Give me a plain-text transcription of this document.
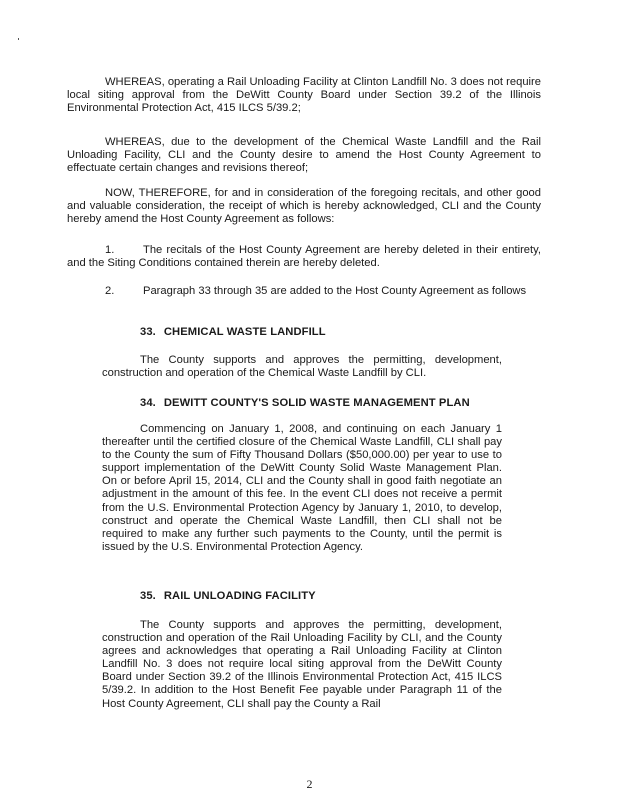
WHEREAS, operating a Rail Unloading Facility at Clinton Landfill No. 3 does not require local siting approval from the DeWitt County Board under Section 39.2 of the Illinois Environmental Protection Act, 415 ILCS 5/39.2;

WHEREAS, due to the development of the Chemical Waste Landfill and the Rail Unloading Facility, CLI and the County desire to amend the Host County Agreement to effectuate certain changes and revisions thereof;

NOW, THEREFORE, for and in consideration of the foregoing recitals, and other good and valuable consideration, the receipt of which is hereby acknowledged, CLI and the County hereby amend the Host County Agreement as follows:

1.	The recitals of the Host County Agreement are hereby deleted in their entirety, and the Siting Conditions contained therein are hereby deleted.

2.	Paragraph 33 through 35 are added to the Host County Agreement as follows

33. CHEMICAL WASTE LANDFILL

The County supports and approves the permitting, development, construction and operation of the Chemical Waste Landfill by CLI.

34. DEWITT COUNTY'S SOLID WASTE MANAGEMENT PLAN

Commencing on January 1, 2008, and continuing on each January 1 thereafter until the certified closure of the Chemical Waste Landfill, CLI shall pay to the County the sum of Fifty Thousand Dollars ($50,000.00) per year to use to support implementation of the DeWitt County Solid Waste Management Plan. On or before April 15, 2014, CLI and the County shall in good faith negotiate an adjustment in the amount of this fee. In the event CLI does not receive a permit from the U.S. Environmental Protection Agency by January 1, 2010, to develop, construct and operate the Chemical Waste Landfill, then CLI shall not be required to make any further such payments to the County, until the permit is issued by the U.S. Environmental Protection Agency.

35. RAIL UNLOADING FACILITY

The County supports and approves the permitting, development, construction and operation of the Rail Unloading Facility by CLI, and the County agrees and acknowledges that operating a Rail Unloading Facility at Clinton Landfill No. 3 does not require local siting approval from the DeWitt County Board under Section 39.2 of the Illinois Environmental Protection Act, 415 ILCS 5/39.2. In addition to the Host Benefit Fee payable under Paragraph 11 of the Host County Agreement, CLI shall pay the County a Rail

2
